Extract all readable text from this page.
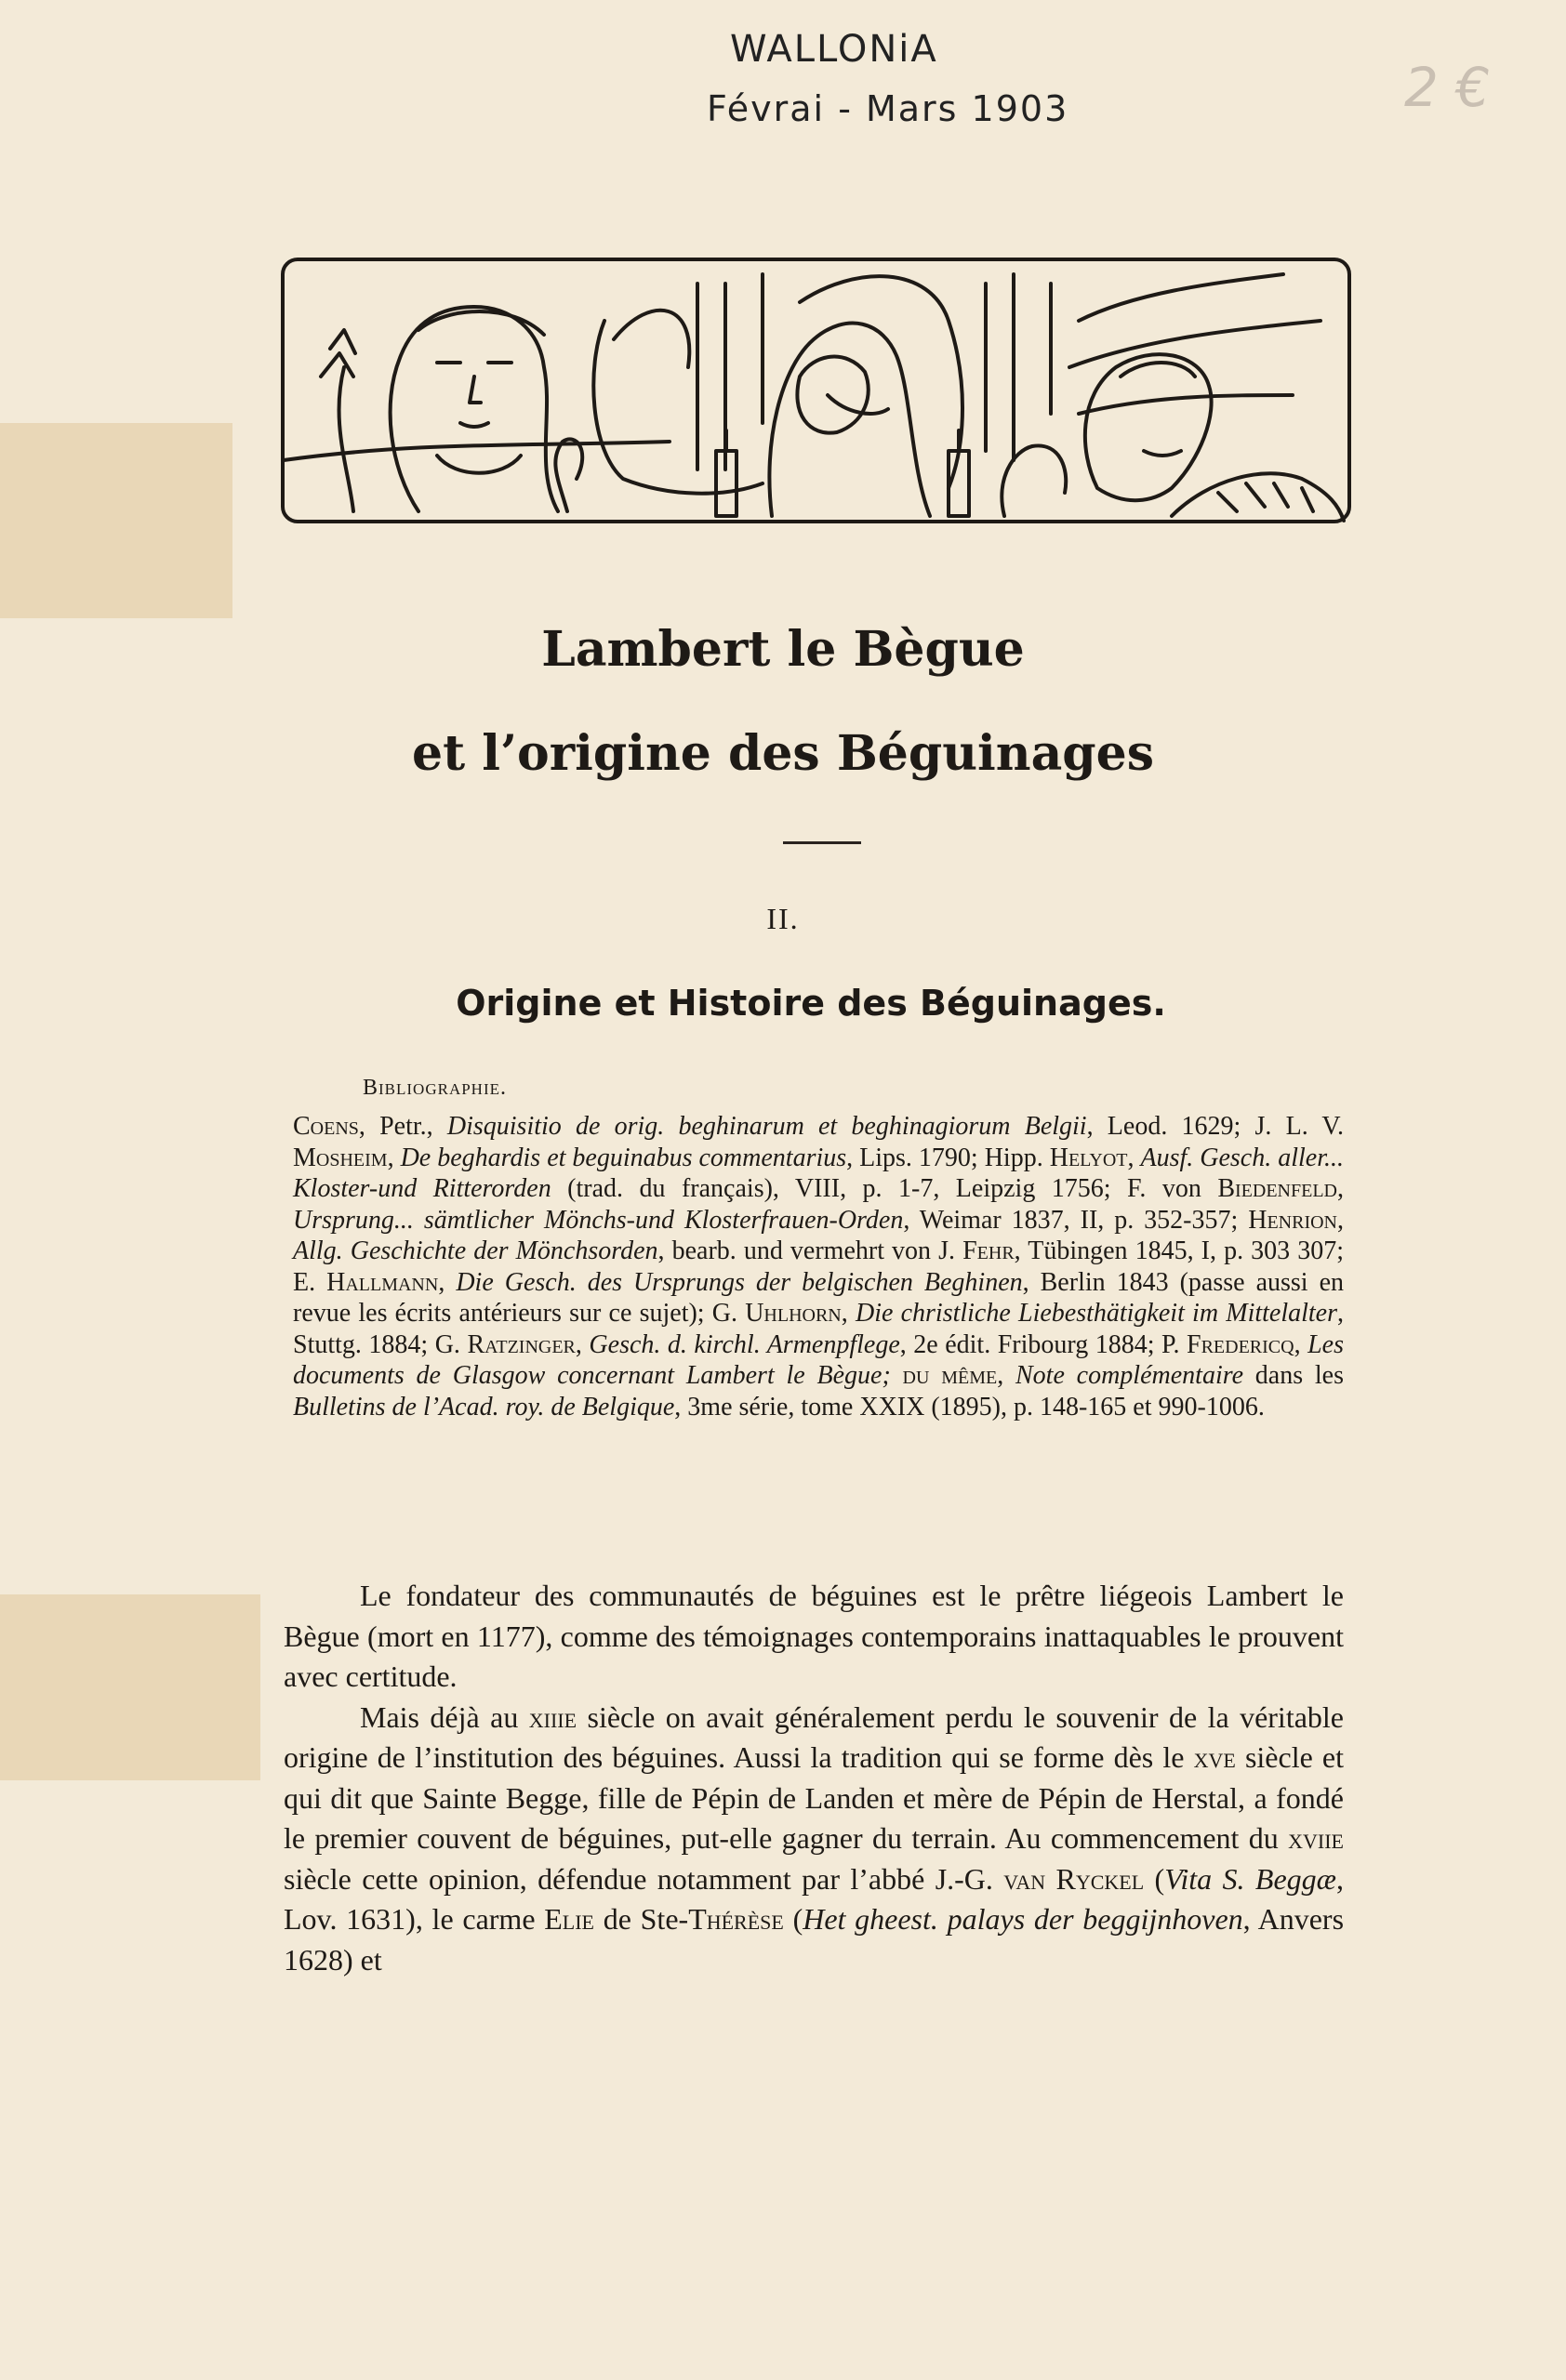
WALLONiA
Févrai - Mars 1903	2 €
Lambert le Bègue
et l’origine des Béguinages
II.
Origine et Histoire des Béguinages.
Bibliographie.
Coens, Petr., Disquisitio de orig. beghinarum et beghinagiorum Belgii, Leod. 1629; J. L. V. Mosheim, De beghardis et beguinabus commentarius, Lips. 1790; Hipp. Helyot, Ausf. Gesch. aller... Kloster-und Ritterorden (trad. du français), VIII, p. 1-7, Leipzig 1756; F. von Biedenfeld, Ursprung... sämtlicher Mönchs-und Klosterfrauen-Orden, Weimar 1837, II, p. 352-357; Henrion, Allg. Geschichte der Mönchsorden, bearb. und vermehrt von J. Fehr, Tübingen 1845, I, p. 303 307; E. Hallmann, Die Gesch. des Ursprungs der belgischen Beghinen, Berlin 1843 (passe aussi en revue les écrits antérieurs sur ce sujet); G. Uhlhorn, Die christliche Liebesthätigkeit im Mittelalter, Stuttg. 1884; G. Ratzinger, Gesch. d. kirchl. Armenpflege, 2e édit. Fribourg 1884; P. Fredericq, Les documents de Glasgow concernant Lambert le Bègue; du même, Note complémentaire dans les Bulletins de l’Acad. roy. de Belgique, 3me série, tome XXIX (1895), p. 148-165 et 990-1006.

Le fondateur des communautés de béguines est le prêtre liégeois Lambert le Bègue (mort en 1177), comme des témoignages contemporains inattaquables le prouvent avec certitude.

Mais déjà au xiiie siècle on avait généralement perdu le souvenir de la véritable origine de l’institution des béguines. Aussi la tradition qui se forme dès le xve siècle et qui dit que Sainte Begge, fille de Pépin de Landen et mère de Pépin de Herstal, a fondé le premier couvent de béguines, put-elle gagner du terrain. Au commencement du xviie siècle cette opinion, défendue notamment par l’abbé J.-G. van Ryckel (Vita S. Beggæ, Lov. 1631), le carme Elie de Ste-Thérèse (Het gheest. palays der beggijnhoven, Anvers 1628) et
